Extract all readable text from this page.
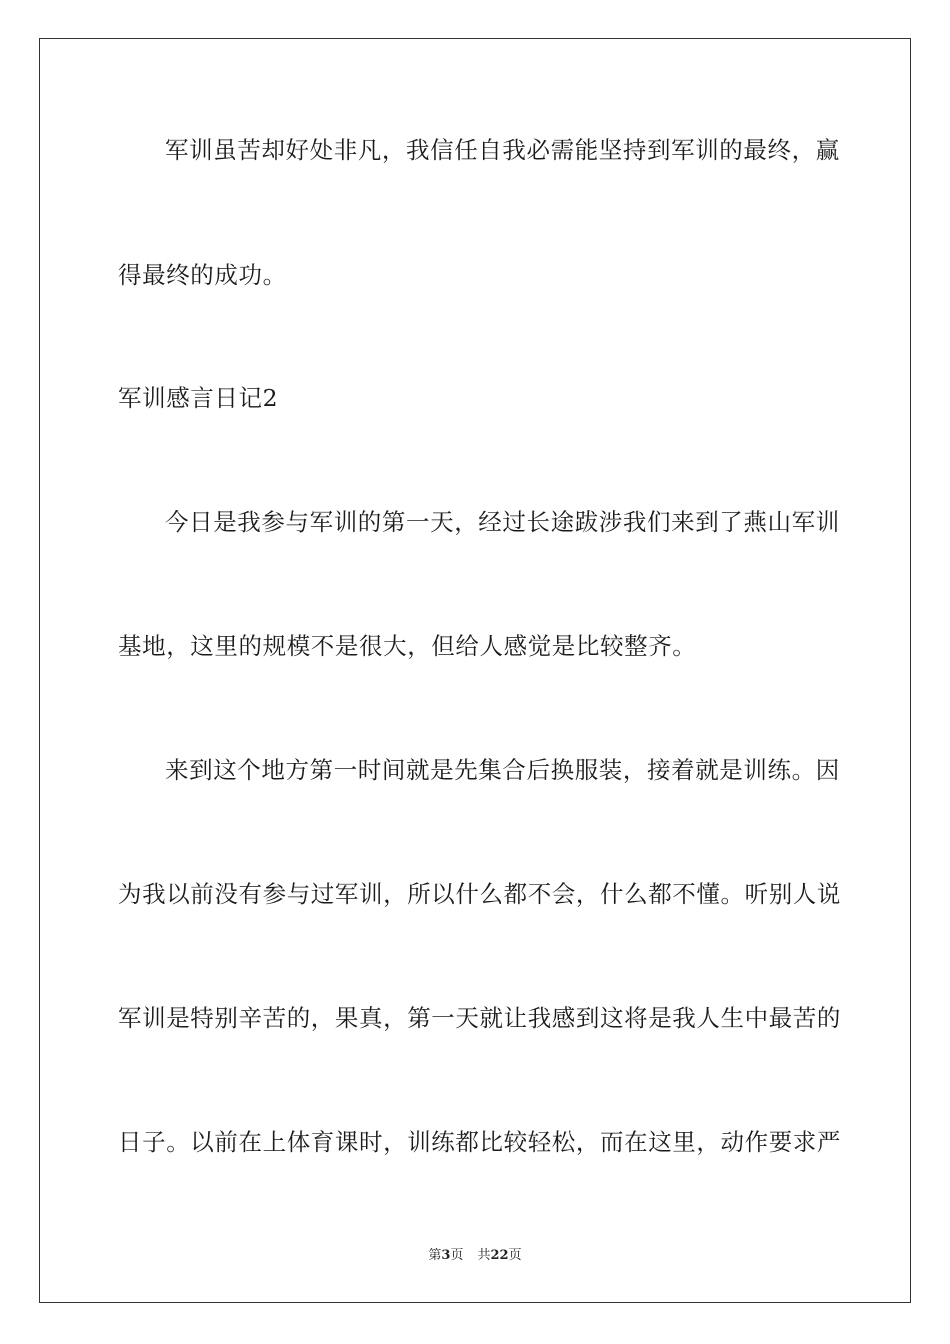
军训虽苦却好处非凡，我信任自我必需能坚持到军训的最终，赢
得最终的成功。
军训感言日记2
今日是我参与军训的第一天，经过长途跋涉我们来到了燕山军训
基地，这里的规模不是很大，但给人感觉是比较整齐。
来到这个地方第一时间就是先集合后换服装，接着就是训练。因
为我以前没有参与过军训，所以什么都不会，什么都不懂。听别人说
军训是特别辛苦的，果真，第一天就让我感到这将是我人生中最苦的
日子。以前在上体育课时，训练都比较轻松，而在这里，动作要求严
第3页 共22页
